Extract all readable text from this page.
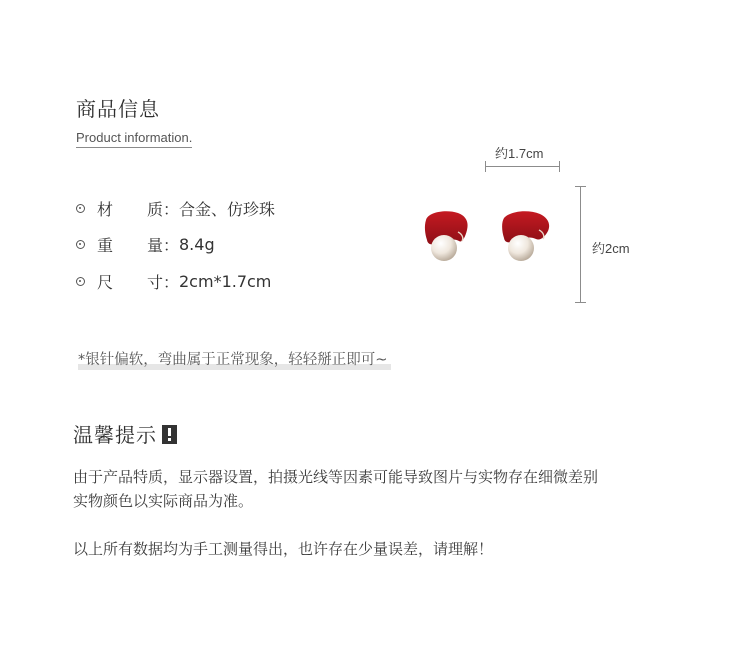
商品信息
Product information.
材 质： 合金、仿珍珠
重 量： 8.4g
尺 寸： 2cm*1.7cm
约1.7cm
约2cm
*银针偏软，弯曲属于正常现象，轻轻掰正即可~
温馨提示
由于产品特质，显示器设置，拍摄光线等因素可能导致图片与实物存在细微差别
实物颜色以实际商品为准。
以上所有数据均为手工测量得出，也许存在少量误差，请理解！
